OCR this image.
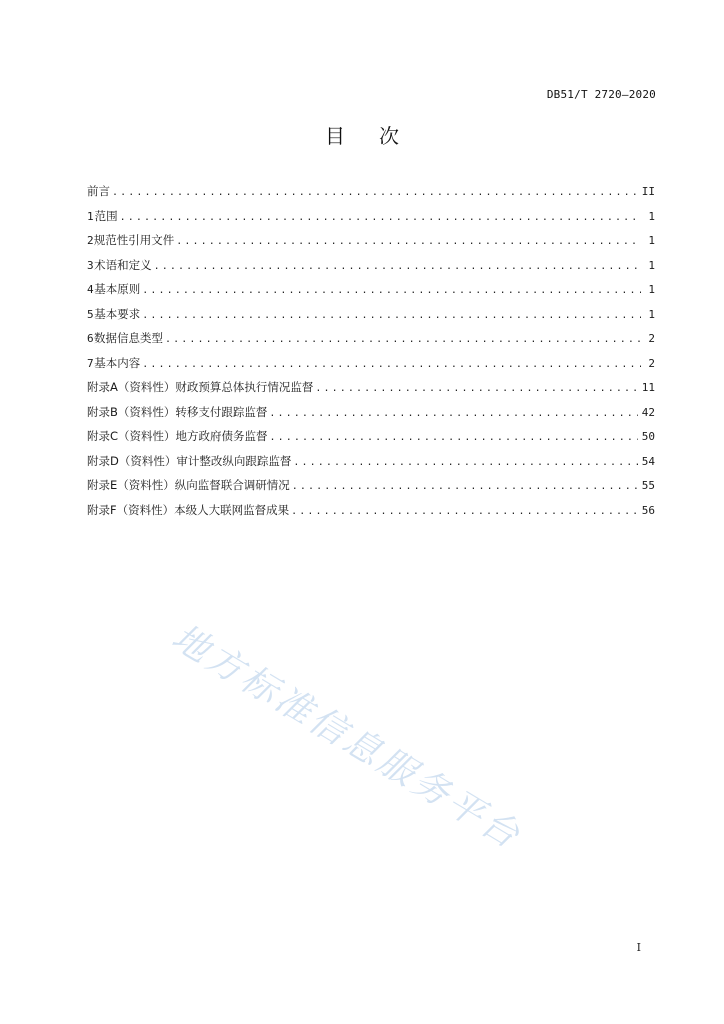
DB51/T 2720—2020
目 次
前言 .....	II
1 范围 .....	1
2 规范性引用文件 .....	1
3 术语和定义 .....	1
4 基本原则 .....	1
5 基本要求 .....	1
6 数据信息类型 .....	2
7 基本内容 .....	2
附录A（资料性） 财政预算总体执行情况监督 .....	11
附录B（资料性） 转移支付跟踪监督 .....	42
附录C（资料性） 地方政府债务监督 .....	50
附录D（资料性） 审计整改纵向跟踪监督 .....	54
附录E（资料性） 纵向监督联合调研情况 .....	55
附录F（资料性） 本级人大联网监督成果 .....	56
地方标准信息服务平台
I
